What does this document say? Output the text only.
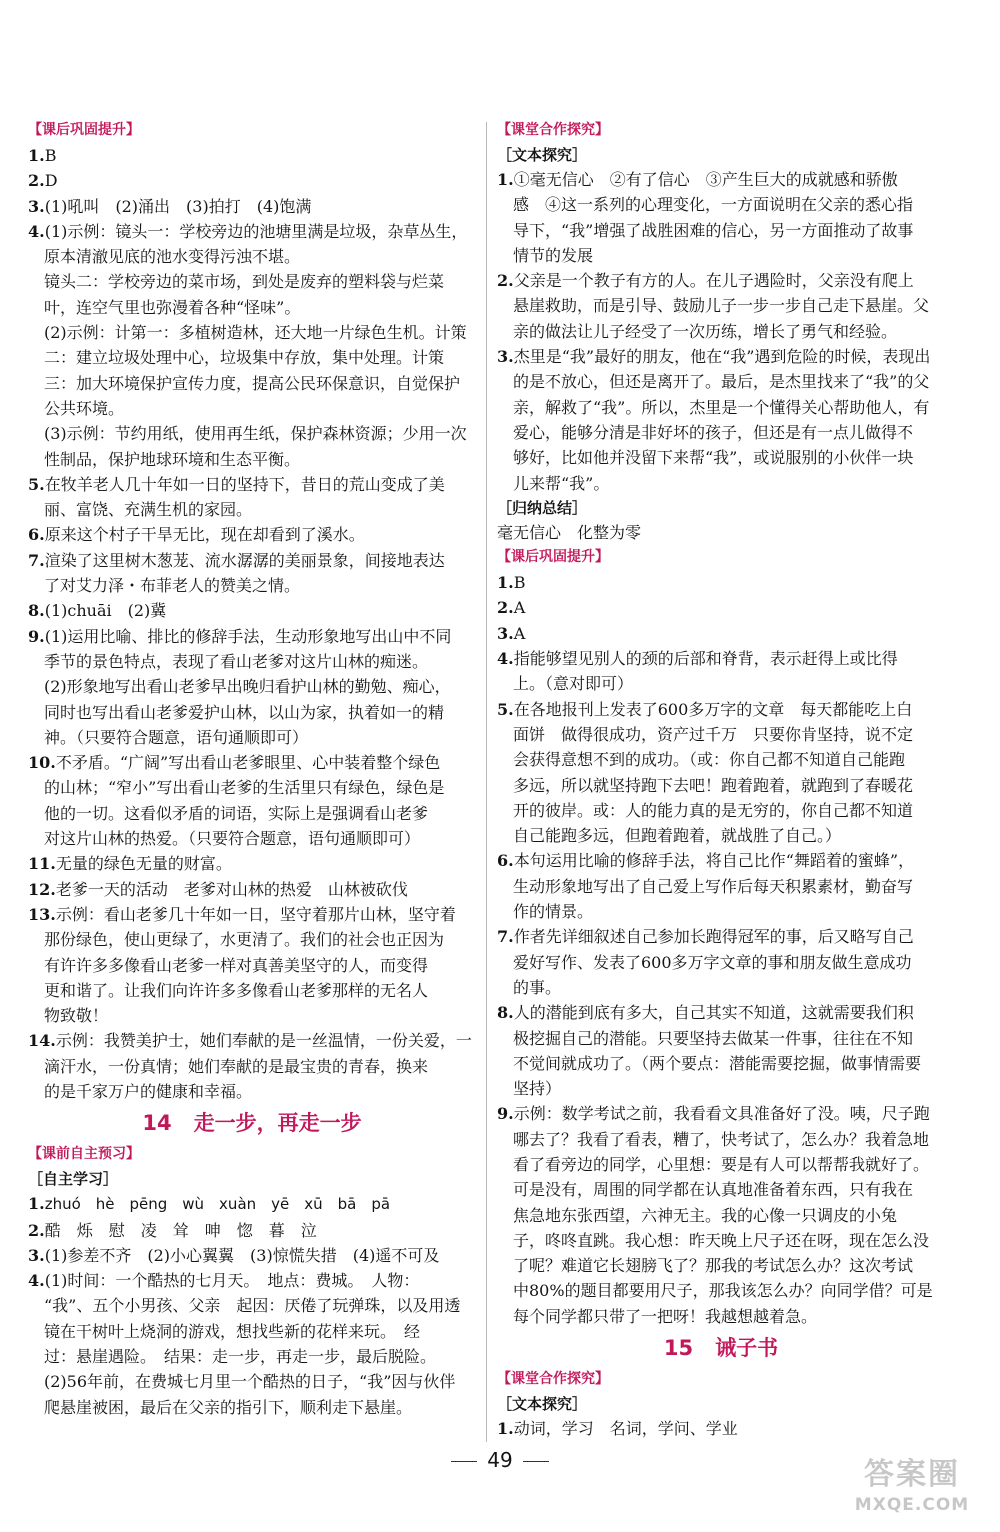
【课后巩固提升】
1.B
2.D
3.(1)吼叫　(2)涌出　(3)拍打　(4)饱满
4.(1)示例：镜头一：学校旁边的池塘里满是垃圾，杂草丛生，
原本清澈见底的池水变得污浊不堪。
镜头二：学校旁边的菜市场，到处是废弃的塑料袋与烂菜
叶，连空气里也弥漫着各种“怪味”。
(2)示例：计第一：多植树造林，还大地一片绿色生机。计策
二：建立垃圾处理中心，垃圾集中存放，集中处理。计策
三：加大环境保护宣传力度，提高公民环保意识，自觉保护
公共环境。
(3)示例：节约用纸，使用再生纸，保护森林资源；少用一次
性制品，保护地球环境和生态平衡。
5.在牧羊老人几十年如一日的坚持下，昔日的荒山变成了美
丽、富饶、充满生机的家园。
6.原来这个村子干旱无比，现在却看到了溪水。
7.渲染了这里树木葱茏、流水潺潺的美丽景象，间接地表达
了对艾力泽・布菲老人的赞美之情。
8.(1)chuāi　(2)冀
9.(1)运用比喻、排比的修辞手法，生动形象地写出山中不同
季节的景色特点，表现了看山老爹对这片山林的痴迷。
(2)形象地写出看山老爹早出晚归看护山林的勤勉、痴心，
同时也写出看山老爹爱护山林，以山为家，执着如一的精
神。（只要符合题意，语句通顺即可）
10.不矛盾。“广阔”写出看山老爹眼里、心中装着整个绿色
的山林；“窄小”写出看山老爹的生活里只有绿色，绿色是
他的一切。这看似矛盾的词语，实际上是强调看山老爹
对这片山林的热爱。（只要符合题意，语句通顺即可）
11.无量的绿色无量的财富。
12.老爹一天的活动　老爹对山林的热爱　山林被砍伐
13.示例：看山老爹几十年如一日，坚守着那片山林，坚守着
那份绿色，使山更绿了，水更清了。我们的社会也正因为
有许许多多像看山老爹一样对真善美坚守的人，而变得
更和谐了。让我们向许许多多像看山老爹那样的无名人
物致敬！
14.示例：我赞美护士，她们奉献的是一丝温情，一份关爱，一
滴汗水，一份真情；她们奉献的是最宝贵的青春，换来
的是千家万户的健康和幸福。
14 走一步，再走一步
【课前自主预习】
［自主学习］
1.zhuó　hè　pēng　wù　xuàn　yē　xū　bā　pā
2.酷　烁　慰　凌　耸　呻　惚　暮　泣
3.(1)参差不齐　(2)小心翼翼　(3)惊慌失措　(4)遥不可及
4.(1)时间：一个酷热的七月天。　地点：费城。　人物：
“我”、五个小男孩、父亲　起因：厌倦了玩弹珠，以及用透
镜在干树叶上烧洞的游戏，想找些新的花样来玩。　经
过：悬崖遇险。　结果：走一步，再走一步，最后脱险。
(2)56年前，在费城七月里一个酷热的日子，“我”因与伙伴
爬悬崖被困，最后在父亲的指引下，顺利走下悬崖。
【课堂合作探究】
［文本探究］
1.①毫无信心　②有了信心　③产生巨大的成就感和骄傲
感　④这一系列的心理变化，一方面说明在父亲的悉心指
导下，“我”增强了战胜困难的信心，另一方面推动了故事
情节的发展
2.父亲是一个教子有方的人。在儿子遇险时，父亲没有爬上
悬崖救助，而是引导、鼓励儿子一步一步自己走下悬崖。父
亲的做法让儿子经受了一次历练，增长了勇气和经验。
3.杰里是“我”最好的朋友，他在“我”遇到危险的时候，表现出
的是不放心，但还是离开了。最后，是杰里找来了“我”的父
亲，解救了“我”。所以，杰里是一个懂得关心帮助他人，有
爱心，能够分清是非好坏的孩子，但还是有一点儿做得不
够好，比如他并没留下来帮“我”，或说服别的小伙伴一块
儿来帮“我”。
［归纳总结］
毫无信心　化整为零
【课后巩固提升】
1.B
2.A
3.A
4.指能够望见别人的颈的后部和脊背，表示赶得上或比得
上。（意对即可）
5.在各地报刊上发表了600多万字的文章　每天都能吃上白
面饼　做得很成功，资产过千万　只要你肯坚持，说不定
会获得意想不到的成功。（或：你自己都不知道自己能跑
多远，所以就坚持跑下去吧！跑着跑着，就跑到了春暖花
开的彼岸。或：人的能力真的是无穷的，你自己都不知道
自己能跑多远，但跑着跑着，就战胜了自己。）
6.本句运用比喻的修辞手法，将自己比作“舞蹈着的蜜蜂”，
生动形象地写出了自己爱上写作后每天积累素材，勤奋写
作的情景。
7.作者先详细叙述自己参加长跑得冠军的事，后又略写自己
爱好写作、发表了600多万字文章的事和朋友做生意成功
的事。
8.人的潜能到底有多大，自己其实不知道，这就需要我们积
极挖掘自己的潜能。只要坚持去做某一件事，往往在不知
不觉间就成功了。（两个要点：潜能需要挖掘，做事情需要
坚持）
9.示例：数学考试之前，我看看文具准备好了没。咦，尺子跑
哪去了？我看了看表，糟了，快考试了，怎么办？我着急地
看了看旁边的同学，心里想：要是有人可以帮帮我就好了。
可是没有，周围的同学都在认真地准备着东西，只有我在
焦急地东张西望，六神无主。我的心像一只调皮的小兔
子，咚咚直跳。我心想：昨天晚上尺子还在呀，现在怎么没
了呢？难道它长翅膀飞了？那我的考试怎么办？这次考试
中80%的题目都要用尺子，那我该怎么办？向同学借？可是
每个同学都只带了一把呀！我越想越着急。
15 诫子书
【课堂合作探究】
［文本探究］
1.动词，学习　名词，学问、学业
49	答案圈
MXQE.COM
